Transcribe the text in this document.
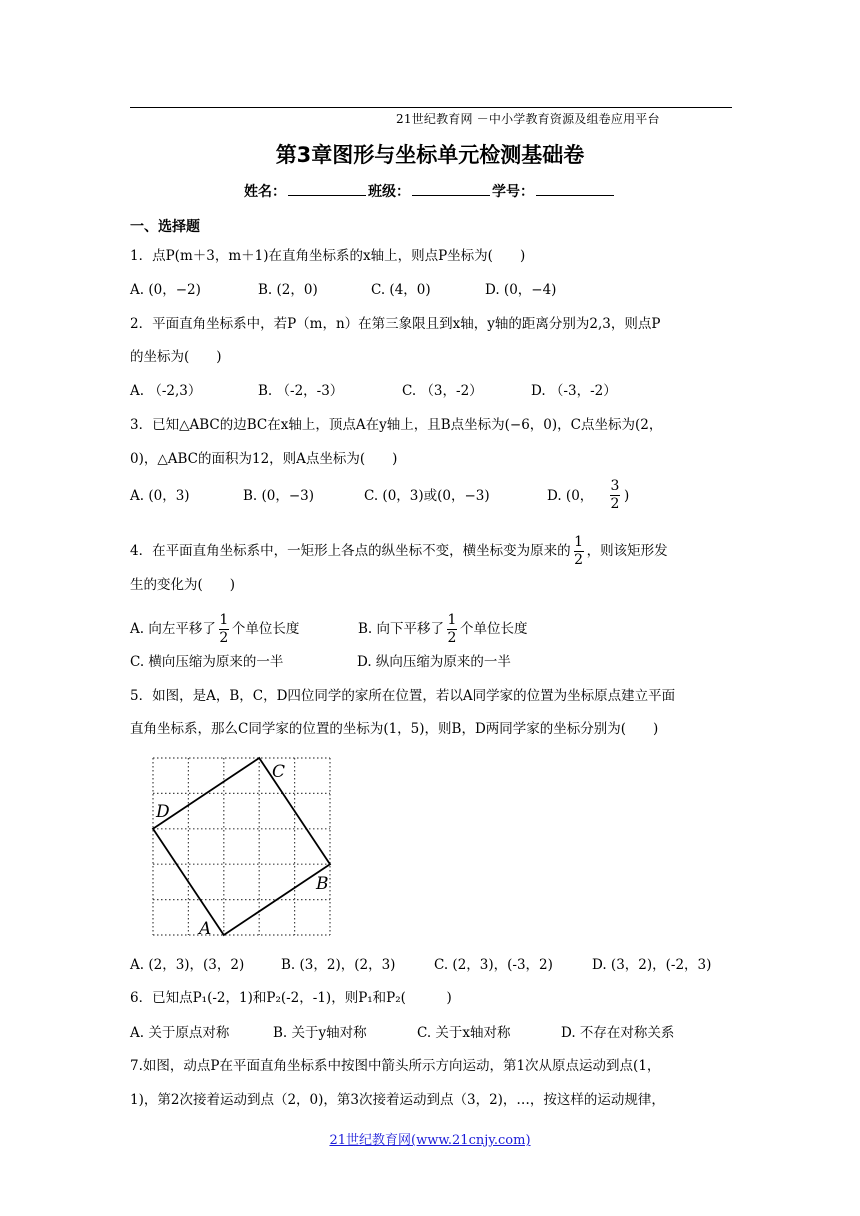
21世纪教育网 －中小学教育资源及组卷应用平台
第3章图形与坐标单元检测基础卷
姓名：	班级：	学号：
一、选择题
1．点P(m＋3，m＋1)在直角坐标系的x轴上，则点P坐标为(　　)
A. (0，−2)	B. (2，0)	C. (4，0)	D. (0，−4)
2．平面直角坐标系中，若P（m，n）在第三象限且到x轴，y轴的距离分别为2,3，则点P
的坐标为(　　)
A. （-2,3）	B. （-2，-3）	C. （3，-2）	D. （-3，-2）
3．已知△ABC的边BC在x轴上，顶点A在y轴上，且B点坐标为(−6，0)，C点坐标为(2，
0)，△ABC的面积为12，则A点坐标为(　　)
A. (0，3)	B. (0，−3)	C. (0，3)或(0，−3)	D. (0，
3
2 )
4．在平面直角坐标系中，一矩形上各点的纵坐标不变，横坐标变为原来的 $\frac{1}{2}$ ，则该矩形发
生的变化为(　　)
A. 向左平移了 $\frac{1}{2}$ 个单位长度	B. 向下平移了 $\frac{1}{2}$ 个单位长度
C. 横向压缩为原来的一半	D. 纵向压缩为原来的一半
5．如图，是A，B，C，D四位同学的家所在位置，若以A同学家的位置为坐标原点建立平面
直角坐标系，那么C同学家的位置的坐标为(1，5)，则B，D两同学家的坐标分别为(　　)
A
B
C
D
A. (2，3)，(3，2)	B. (3，2)，(2，3)	C. (2，3)，(-3，2)	D. (3，2)，(-2，3)
6．已知点P₁(-2，1)和P₂(-2，-1)，则P₁和P₂(　　　)
A. 关于原点对称	B. 关于y轴对称	C. 关于x轴对称	D. 不存在对称关系
7.如图，动点P在平面直角坐标系中按图中箭头所示方向运动，第1次从原点运动到点(1，
1)，第2次接着运动到点（2，0)，第3次接着运动到点（3，2)，…，按这样的运动规律，
21世纪教育网(www.21cnjy.com)
